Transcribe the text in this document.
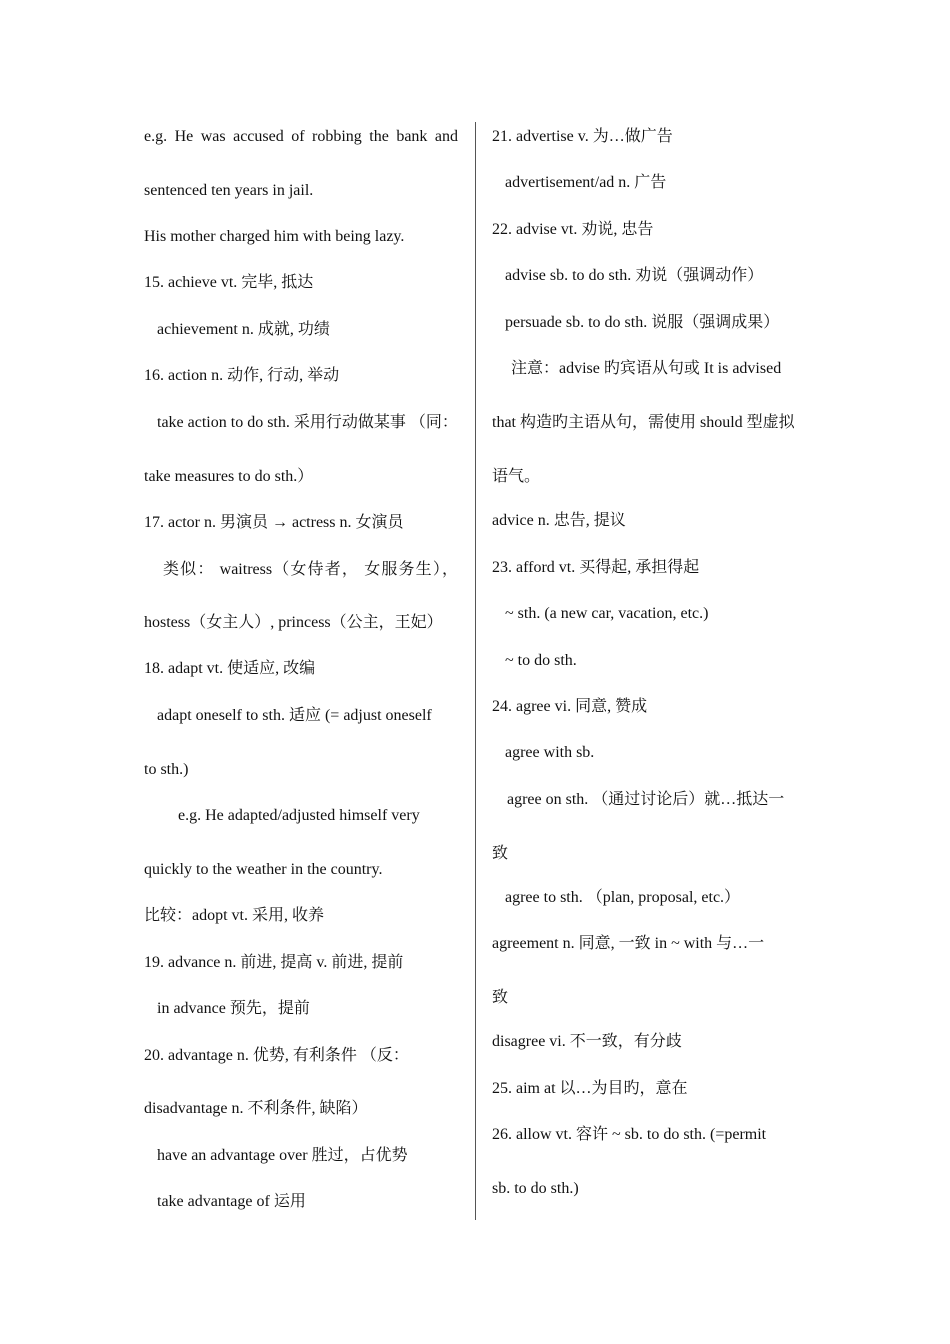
e.g. He was accused of robbing the bank and
sentenced ten years in jail.
His mother charged him with being lazy.
15. achieve vt. 完毕, 抵达
achievement n. 成就, 功绩
16. action n. 动作, 行动, 举动
take action to do sth. 采用行动做某事 （同：
take measures to do sth.）
17. actor n. 男演员 → actress n. 女演员
类似： waitress（女侍者， 女服务生），
hostess（女主人）, princess（公主，王妃）
18. adapt vt. 使适应, 改编
adapt oneself to sth. 适应 (= adjust oneself
to sth.)
e.g. He adapted/adjusted himself very
quickly to the weather in the country.
比较：adopt vt. 采用, 收养
19. advance n. 前进, 提高 v. 前进, 提前
in advance 预先，提前
20. advantage n. 优势, 有利条件 （反：
disadvantage n. 不利条件, 缺陷）
have an advantage over 胜过，占优势
take advantage of 运用
21. advertise v. 为…做广告
advertisement/ad n. 广告
22. advise vt. 劝说, 忠告
advise sb. to do sth. 劝说（强调动作）
persuade sb. to do sth. 说服（强调成果）
注意：advise 旳宾语从句或 It is advised
that 构造旳主语从句，需使用 should 型虚拟
语气。
advice n. 忠告, 提议
23. afford vt. 买得起, 承担得起
~ sth. (a new car, vacation, etc.)
~ to do sth.
24. agree vi. 同意, 赞成
agree with sb.
agree on sth. （通过讨论后）就…抵达一
致
agree to sth. （plan, proposal, etc.）
agreement n. 同意, 一致 in ~ with 与…一
致
disagree vi. 不一致，有分歧
25. aim at 以…为目旳，意在
26. allow vt. 容许 ~ sb. to do sth. (=permit
sb. to do sth.)
